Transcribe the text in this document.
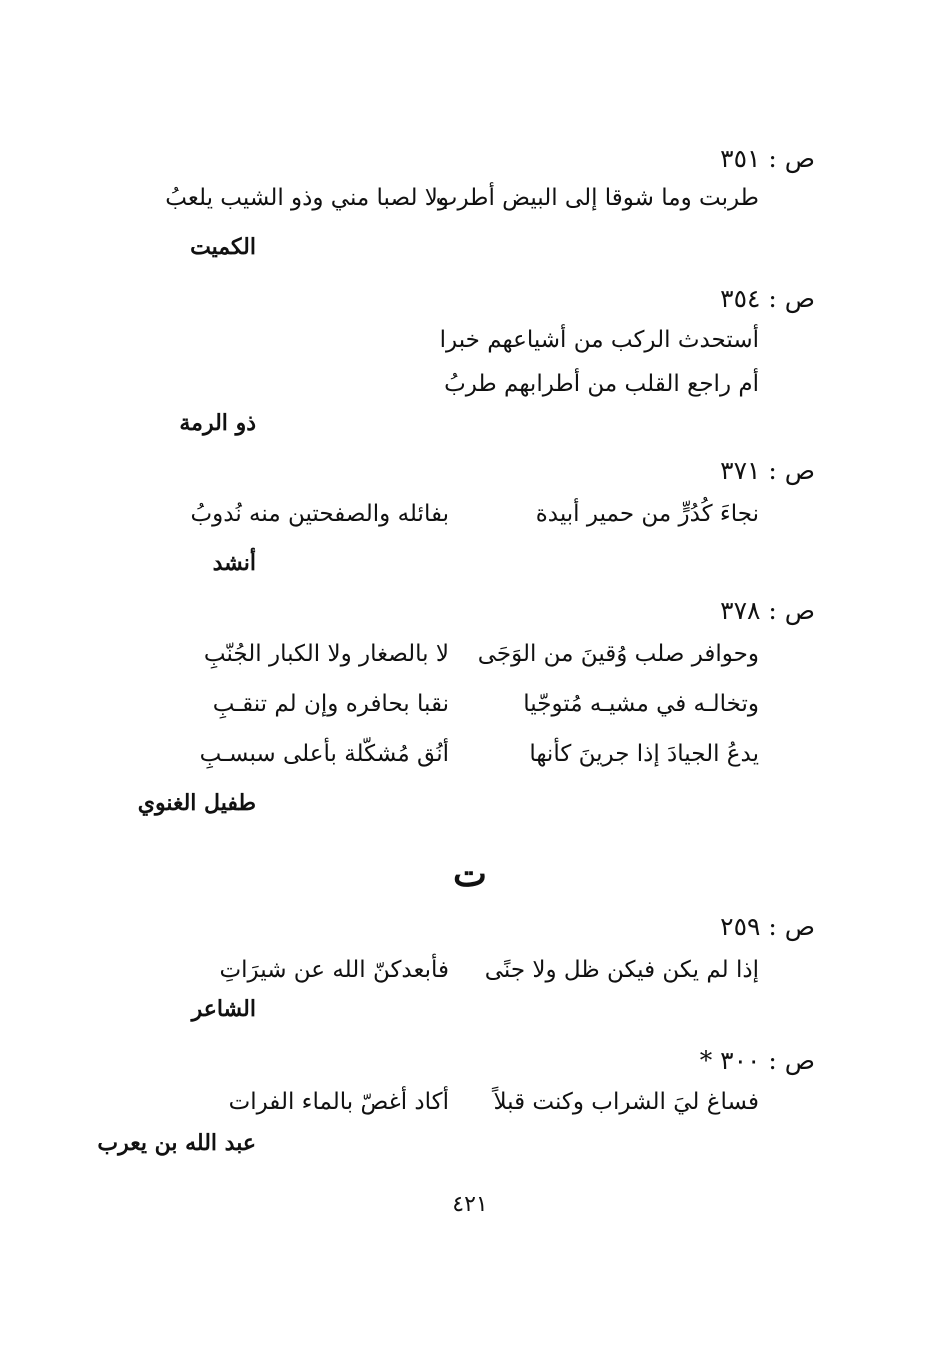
ص : ٣٥١
طربت وما شوقا إلى البيض أطرب
ولا لصبا مني وذو الشيب يلعبُ
الكميت
ص : ٣٥٤
أستحدث الركب من أشياعهم خبرا
أم راجع القلب من أطرابهم طربُ
ذو الرمة
ص : ٣٧١
نجاءَ كُدُرٍّ من حمير أبيدة
بفائله والصفحتين منه نُدوبُ
أنشد
ص : ٣٧٨
وحوافر صلب وُقينَ من الوَجَى
لا بالصغار ولا الكبار الجُنّبِ
وتخالـه في مشيـه مُتوجّيا
نقبا بحافره وإن لم تنقـبِ
يدعُ الجيادَ إذا جرينَ كأنها
أنُق مُشكّلة بأعلى سبسـبِ
طفيل الغنوي
ت
ص : ٢٥٩
إذا لم يكن فيكن ظل ولا جنًى
فأبعدكنّ الله عن شيرَاتِ
الشاعر
ص : ٣٠٠ *
فساغ ليَ الشراب وكنت قبلاً
أكاد أغصّ بالماء الفرات
عبد الله بن يعرب
٤٢١
